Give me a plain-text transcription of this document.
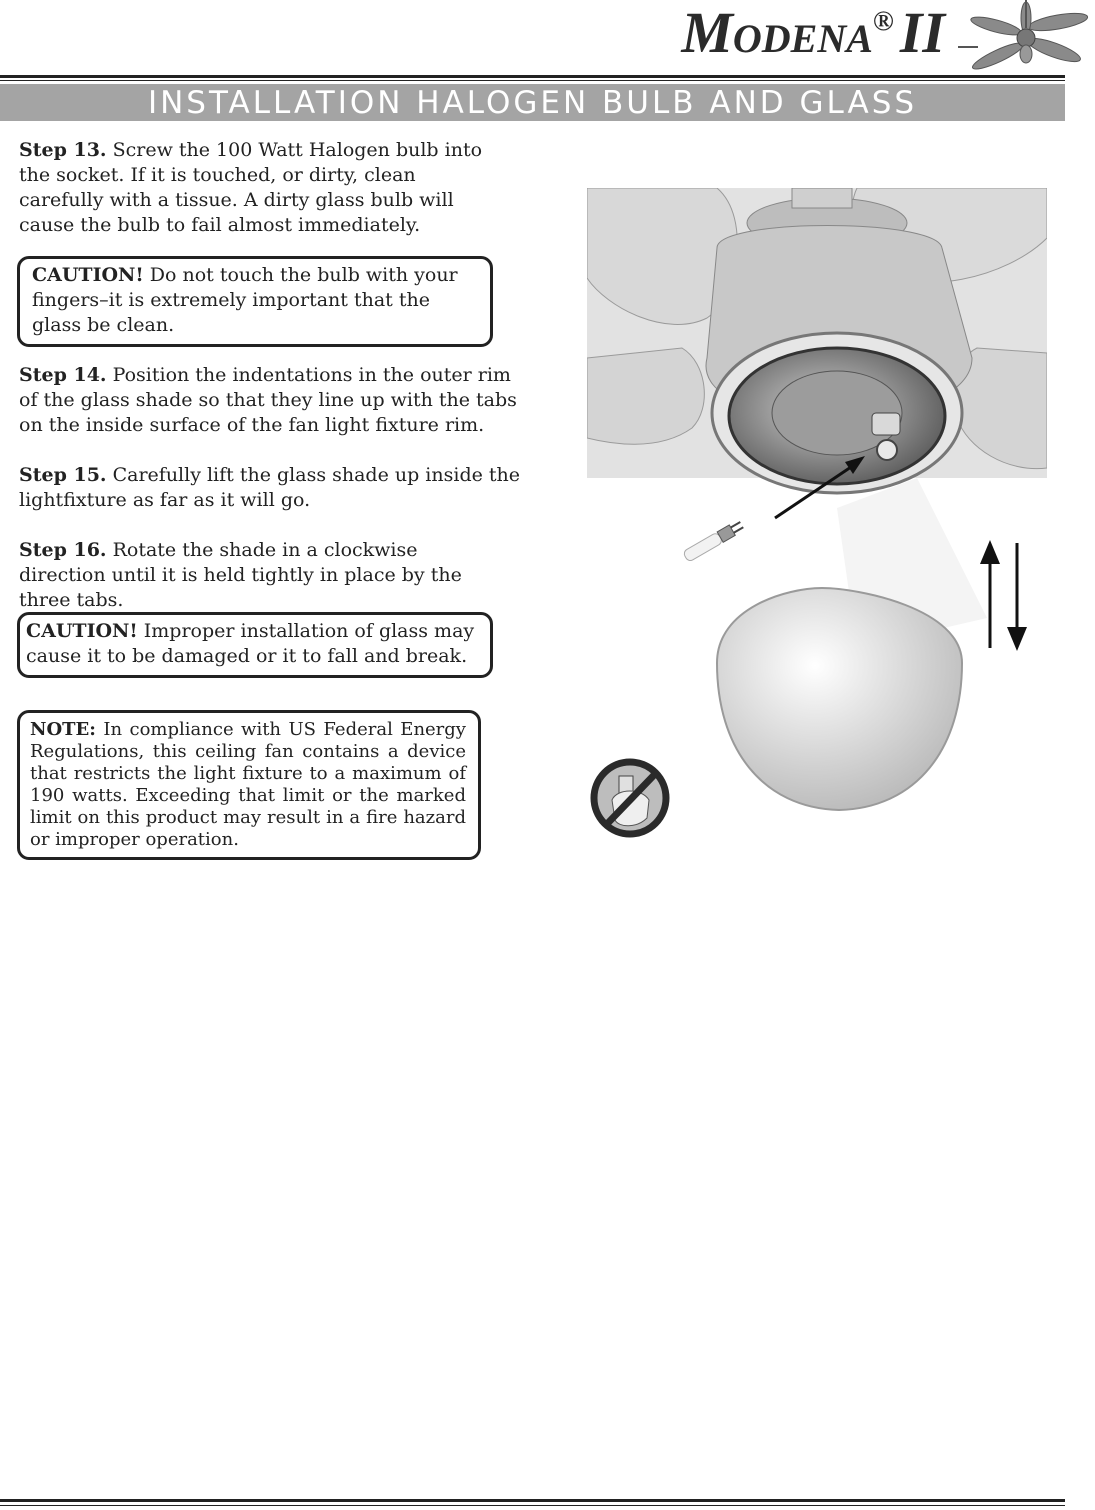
MODENA® II
INSTALLATION HALOGEN BULB AND GLASS
Step 13. Screw the 100 Watt Halogen bulb into the socket. If it is touched, or dirty, clean carefully with a tissue. A dirty glass bulb will cause the bulb to fail almost immediately.
CAUTION! Do not touch the bulb with your fingers–it is extremely important that the glass be clean.
Step 14. Position the indentations in the outer rim of the glass shade so that they line up with the tabs on the inside surface of the fan light fixture rim.
Step 15. Carefully lift the glass shade up inside the lightfixture as far as it will go.
Step 16. Rotate the shade in a clockwise direction until it is held tightly in place by the three tabs.
CAUTION! Improper installation of glass may cause it to be damaged or it to fall and break.
NOTE: In compliance with US Federal Energy Regulations, this ceiling fan contains a device that restricts the light fixture to a maximum of 190 watts. Exceeding that limit or the marked limit on this product may result in a fire hazard or improper operation.
